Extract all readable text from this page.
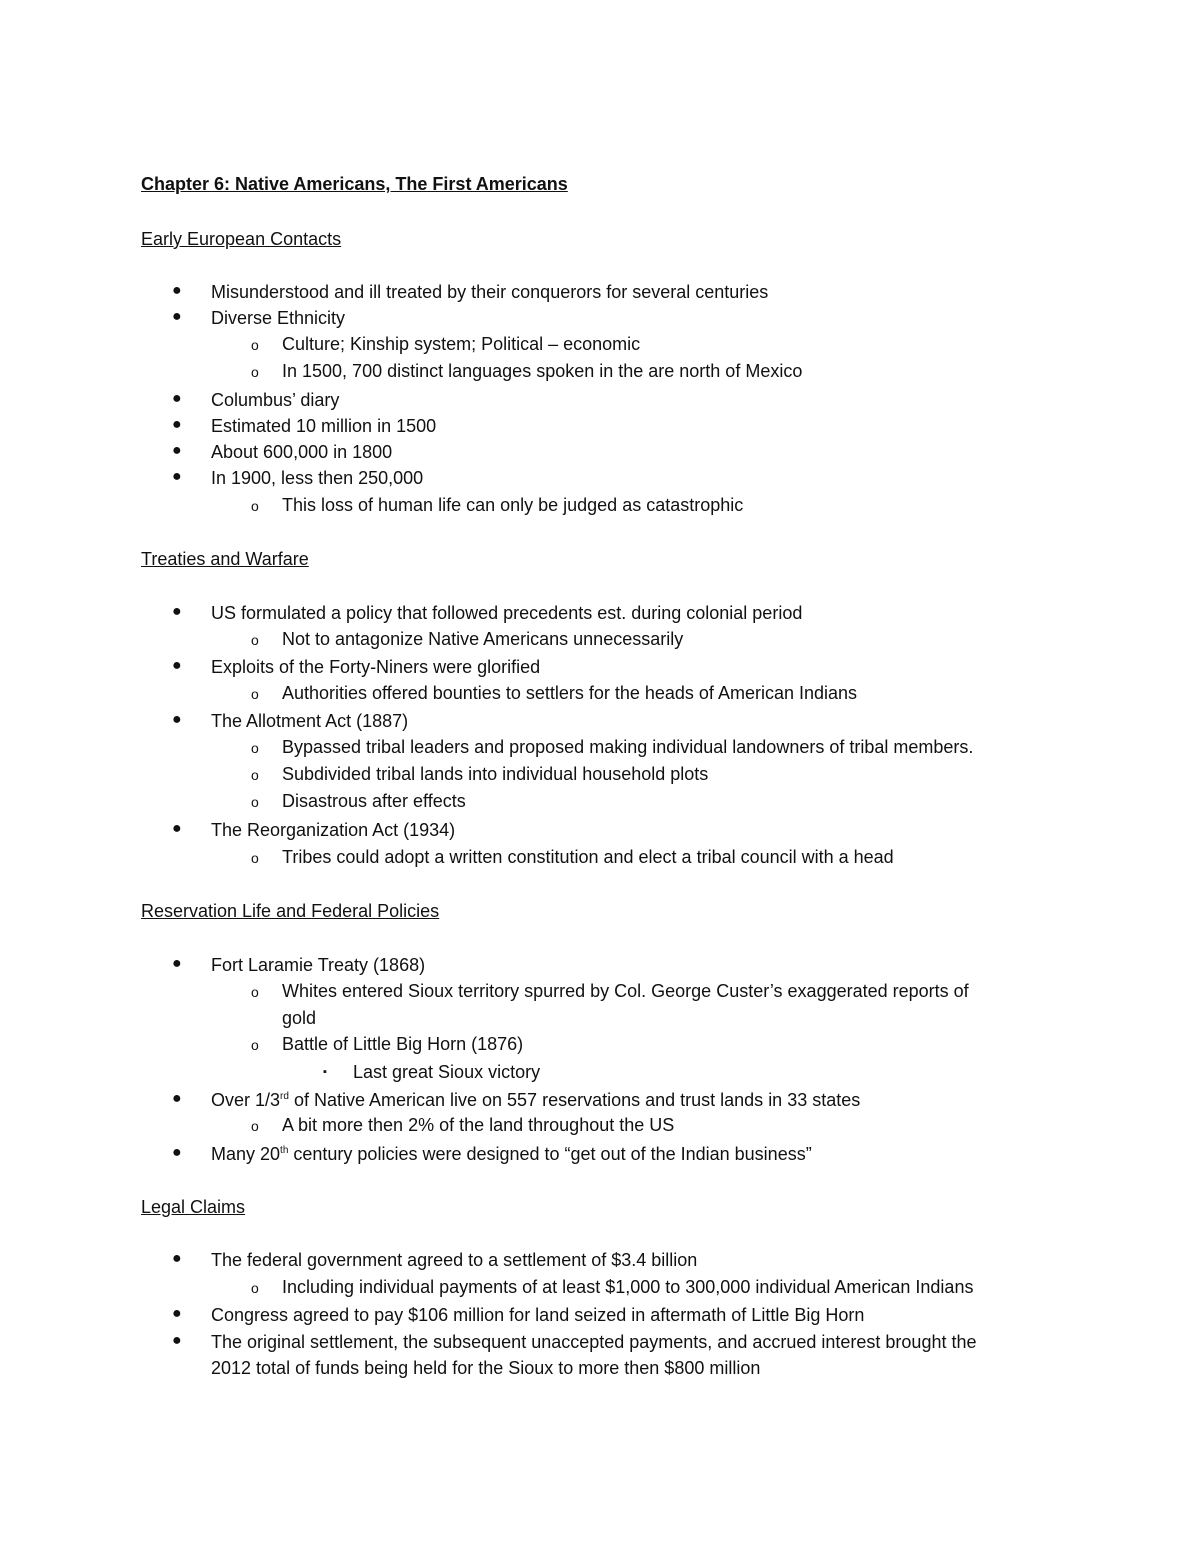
Chapter 6: Native Americans, The First Americans
Early European Contacts
● Misunderstood and ill treated by their conquerors for several centuries
● Diverse Ethnicity
o Culture; Kinship system; Political – economic
o In 1500, 700 distinct languages spoken in the are north of Mexico
● Columbus’ diary
● Estimated 10 million in 1500
● About 600,000 in 1800
● In 1900, less then 250,000
o This loss of human life can only be judged as catastrophic
Treaties and Warfare
● US formulated a policy that followed precedents est. during colonial period
o Not to antagonize Native Americans unnecessarily
● Exploits of the Forty-Niners were glorified
o Authorities offered bounties to settlers for the heads of American Indians
● The Allotment Act (1887)
o Bypassed tribal leaders and proposed making individual landowners of tribal members.
o Subdivided tribal lands into individual household plots
o Disastrous after effects
● The Reorganization Act (1934)
o Tribes could adopt a written constitution and elect a tribal council with a head
Reservation Life and Federal Policies
● Fort Laramie Treaty (1868)
o Whites entered Sioux territory spurred by Col. George Custer’s exaggerated reports of
gold
o Battle of Little Big Horn (1876)
▪ Last great Sioux victory
● Over 1/3rd of Native American live on 557 reservations and trust lands in 33 states
o A bit more then 2% of the land throughout the US
● Many 20th century policies were designed to “get out of the Indian business”
Legal Claims
● The federal government agreed to a settlement of $3.4 billion
o Including individual payments of at least $1,000 to 300,000 individual American Indians
● Congress agreed to pay $106 million for land seized in aftermath of Little Big Horn
● The original settlement, the subsequent unaccepted payments, and accrued interest brought the
2012 total of funds being held for the Sioux to more then $800 million
